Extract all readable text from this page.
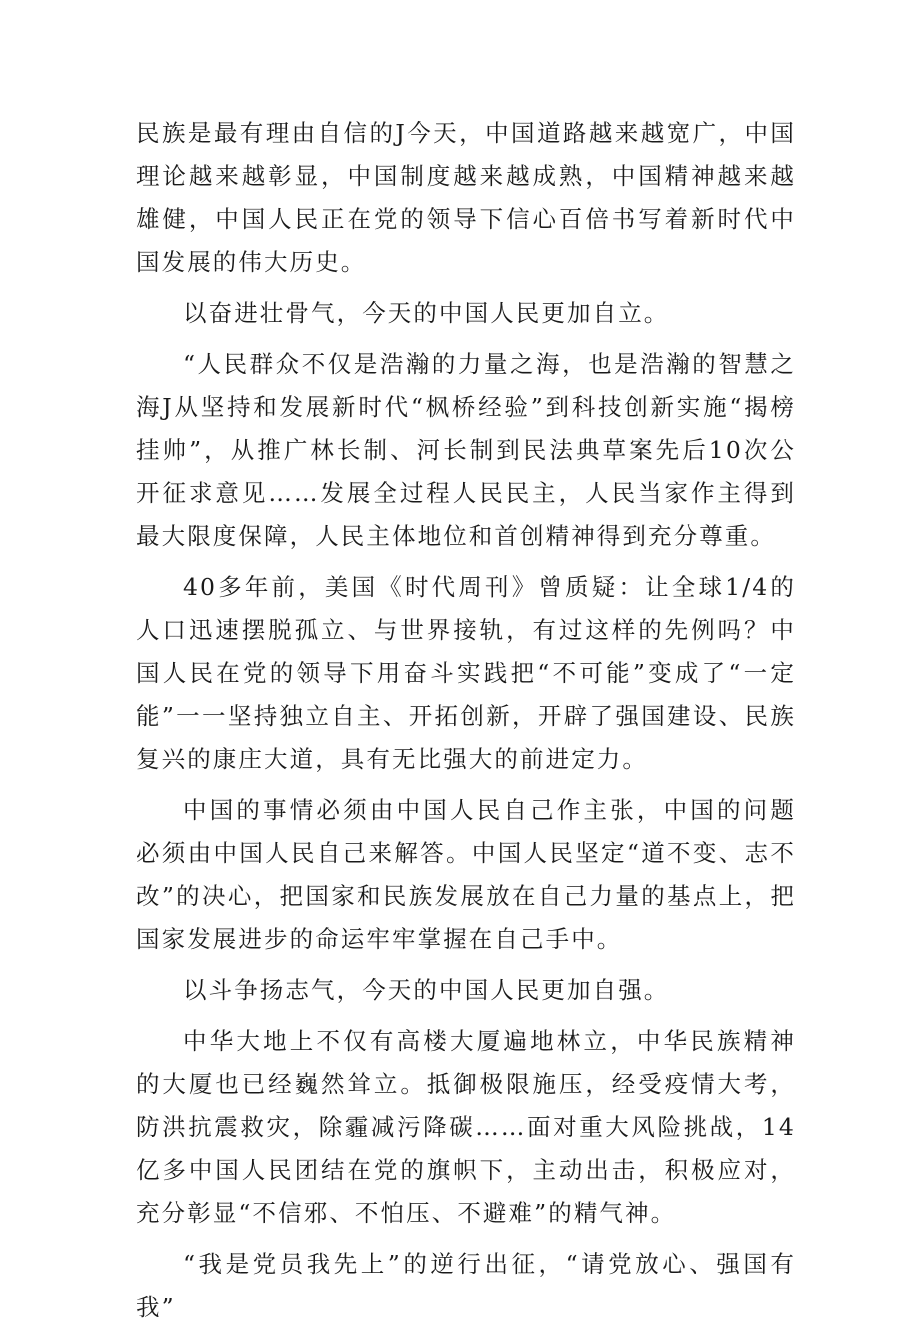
民族是最有理由自信的J今天，中国道路越来越宽广，中国理论越来越彰显，中国制度越来越成熟，中国精神越来越雄健，中国人民正在党的领导下信心百倍书写着新时代中国发展的伟大历史。

以奋进壮骨气，今天的中国人民更加自立。

“人民群众不仅是浩瀚的力量之海，也是浩瀚的智慧之海J从坚持和发展新时代“枫桥经验”到科技创新实施“揭榜挂帅”，从推广林长制、河长制到民法典草案先后10次公开征求意见……发展全过程人民民主，人民当家作主得到最大限度保障，人民主体地位和首创精神得到充分尊重。

40多年前，美国《时代周刊》曾质疑：让全球1/4的人口迅速摆脱孤立、与世界接轨，有过这样的先例吗？中国人民在党的领导下用奋斗实践把“不可能”变成了“一定能”一一坚持独立自主、开拓创新，开辟了强国建设、民族复兴的康庄大道，具有无比强大的前进定力。

中国的事情必须由中国人民自己作主张，中国的问题必须由中国人民自己来解答。中国人民坚定“道不变、志不改”的决心，把国家和民族发展放在自己力量的基点上，把国家发展进步的命运牢牢掌握在自己手中。

以斗争扬志气，今天的中国人民更加自强。

中华大地上不仅有高楼大厦遍地林立，中华民族精神的大厦也已经巍然耸立。抵御极限施压，经受疫情大考，防洪抗震救灾，除霾减污降碳……面对重大风险挑战，14亿多中国人民团结在党的旗帜下，主动出击，积极应对，充分彰显“不信邪、不怕压、不避难”的精气神。

“我是党员我先上”的逆行出征，“请党放心、强国有我”
